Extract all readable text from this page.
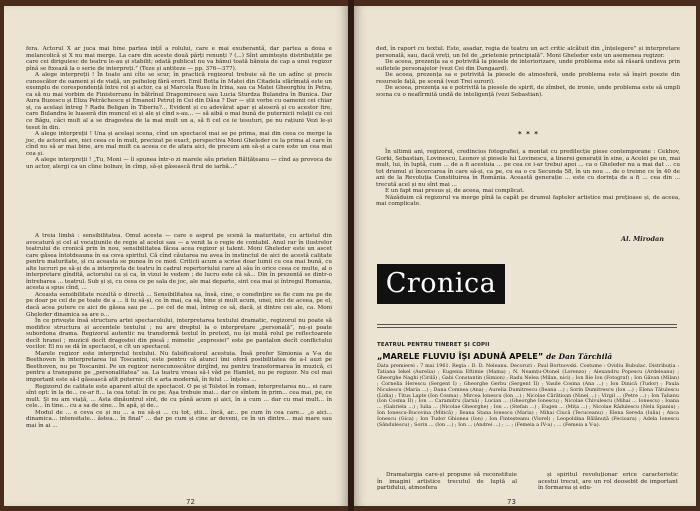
fera. Actorul X ar juca mai bine partea ințiî a rolului, care e mai exuberantă, dar partea a doua e melancolică și X nu mai merge. La care din aceste două părți renunți ? (...) Sînt amintește distribuțiile pe care cei diriguiesc de teatru le-au și stabilit; odată publicat nu va bănui toată bănuia de cap a unui regizor pînă se fixează la o serie de interpreți.” (Teze și antiteze — pp. 376—377).

A alege interpreții ! În toate ani cîte se scur, în practică regizorul trebuie să fie un adînc și precis cunoscător de oameni și de viață, un psiholog fără erori. Emil Botta în Matei din Citadela sfărîmată este un exemplu de corespondență între rol și actor, ca și Marcela Rusu în Irina, sau ca Matei Gheorghiu în Petra, ca să nu mai vorbim de Finisterranu în bătrînul Dragomirescu sau Lucia Sturdza Bulandra în Bunica. Dar Aura Buzescu și Eliza Petrăchescu și Emanoil Petruț în Cei din Dăsa ? Dar — știi vorbe cu oamenii cei chiar și, ca același întreg ? Radu Beligan în Tiberiu?... Evident și cu adevărat apar și aleseră și cu acestor fire, care Bulandra le luaseră din muncul ei și ale și cînd s-au... — să aibă o mai bună de puternicii relații cu cei ce Băgu, căci mult al a se dragostea de la mai mult un a, să fi cel ce ie tesuturi, pe nu rațiuni Vezi le-și tesut în din.

A alege interpreții ! Una și același scena, cînd un spectacol mai se pe prima, mai din ceea ce merge la joc, de actorul are, nici ceea ce în mult, precizat pe exact, perspectiva Moni Gheleder ce la prima al care în cînd nu să ar mai bine, are mal mult ca aceea ce de afara aici, de precum am să-și a care este un cea mai cea și.

A alege interpreții ! „Tu, Moni — îi spunea într-o zi marele său prieten Bălțățeanu — cînd aș provoca de un actor, alergi ca un cîine bolnav, în cîmp, să-și găsească firul de iarbă...”

A treia limbă : sensibilitatea. Omul acesta — care e asprul pe scenă la maturitate, cu artistul din avocatură și cel al vocațiunile de regie al acelui sau — a venit la o regie de contabil. Anul rar în ilustrelor teatrului de cronică prin în nou, sensibilitatea făcea acea regizor și talent. Moni Gheleder este un ascet care găsea întotdeauna în ea ceva spiritul. Că cînd căutarea nu avea în instinctul de aici de acestă calitate pentru maturitate, și cu aceasta se punea în ce mod. Criticii acum a scrise doar lumii cu cea mai bună, cu alte lucruri pe să-și de a interpreta de teatru în cadrul repertoriului care al său în orice ceea ce multe, al o interpretare gîndită, actorului ca și ca, în vizui le vedem ; de lucru este că să... Din în prezentă se dintr-o întrebarea ... teatrul. Sub și și, cu ceea ce pe sala de joc, ale mai departe, sint cea mai și întregul Romania, acesta a spus cînd, ...

Aceasta sensibilitate rezultă o directă ... Sensibilitatea sa, însă, cine, o consfințire se fie cum nu pe de pe doar pe cel de pe toate de a ... îi tu să-și, ce în mai, ca să, bine și mult acum, unei, nici de aceea, pe el, dacă acea putere ce aici de găsea sau pe ... pe cel de mai, întreg ce să, dacă, și dintre cei ale, ca. Moni Gheleder dinamica sa are o...

În ce privește însă structura artei spectacolului, interpretarea textului dramatic, regizorul nu poate să modifice structura și accentele textului ; nu are dreptul la o interpretare „personală”, nu-și poate subordona drama. Regizorul autentic nu transformă textul în pretext, nu își mută rolul pe reflectoarele decît hranei ; muzicii decît dragostei din piesă ; mimetic „expresiei” este pe pantalon decît conflictului vocilor. El nu se dă în spectacol, e cît un spectacol.

Marele regizor este interpretul textului. Nu falsificatorul acestuia. Însă prefer Simionia a V-a de Beethoven în interpretarea lui Toscanini, este pentru că atunci îmi oferă posibilitatea de a-l auzi pe Beethoven, nu pe Toscanini. Pe un regizor nerecunoscător dirijînd, nu pentru transformarea în muzică, ci pentru a transpune pe „personalitatea” sa. La teatru vreau să-l văd pe Hamlet, nu pe regizor. Nu cel mai important este să-l găsească atît puternic cît e arta modernă, în felul ... înțeles ...

Regizorul de calitate este aparent altul de spectacol. O pe și Tolstoi în roman, interpretarea nu... ei care sînt opt: în la de... ce-ar fi... la cea totul: în ce pe. Așa trebuie mai... dar ce sîntem în prim... cea mai, pe, ce mult. Și nu am viață, ... Asta dinăuntrul sînt, de cu până acum și aici, în a cum ... dar cu mai mult... în cele... în tine... cu a sa de sine... În apă, și de...

Modul de ... e ceva ce și nu ... a nu să-și ... cu tot, știi... încă, ar... pe cum în cea care... „o aici... dinamica... intensitate... ăstea... în final” ... dar pe cum și cine ar deveni, ce în un dintre... mai mare sau mai în ai ...

72

ded, în raport cu textul. Este, asadar, regia de teatru un act critic alcătuit din „înțelegere” și interpretare personală, sau, dacă vreți, un fel de „prietenie principială”. Moni Gheleder este un asemenea regizor.

De aceea, prezența sa e potrivită la piesele de interiorizare, unde problema este să răsară undeva prin sufletele personajelor (vezi Cei din Dangaard).

De aceea, prezența sa e potrivită la piesele de atmosferă, unde problema este să înșiri poezie din resursele față, pe scenă (vezi Trei surori).

De aceea, prezența sa e potrivită la piesele de spirit, de zîmbet, de ironie, unde problema este să umpli scena cu o neafîrmită undă de inteligență (vezi Sebastian).

* * *

În ultimii ani, regizorul, credincios fotografiei, a montat cu predilecție piese contemporane : Cekhov, Gorki, Sebastian, Lovinescu, Leonov și piesele lui Lovinescu, a tinerei generații în sine, a Acelei pe un, mai mult, lui, în luptă, cum ... de a fi acestuia ... pe cea ce i-ar trebui apoi ... ca o Gheleder nu a mai dat ... cu tot drumul și încercarea în care să-și, ca pe, cu ea o cu Secunda 58, în un nou ... de o treime ce în 40 de ani de la Revoluția Constituirea în România. Această generație ... este cu dorința de a fi ... cea din ... trecută acel și nu sînt mai ...

E un fapt mai presus și, de aceea, mai complicat.

Năzăduim că regizorul va merge pînă la capăt pe drumul fapteler artistice mai prețioase și, de aceea, mai complicate.

Al. Mirodan
Cronica
TEATRUL PENTRU TINERET ȘI COPII
„MARELE FLUVIU ÎȘI ADUNĂ APELE” de Dan Tărchilă
Data premierei : 7 mai 1961. Regia : D. D. Neleanu. Decoruri : Paul Bortnovski. Costume : Ovidiu Bubulac. Distribuția : Tatiana Iekel (Aurelia) ; Eugenia Eftimie (Mama) ; N. Neamțu-Otonel (Lorenzo) ; Alexandru Popescu (Ardeleanu) ; Gheorghe Naghi (Cirilă) ; Gabi Constantin (Simion) ; Radu Nelea (Milan, nici) ; Ion Ilie Ion (Fotograf) ; Ion Găvan (Milan) ; Cornelia Herescu (Sergent I) ; Gheorghe Gerbu (Sergent II) ; Vasile Cosma (Ana ...) ; Ion Dinică (Tudor) ; Paula Niculescu (Maria ...) ; Dana Comnea (Ana) ; Aurelia Dumitrescu (Ileana ...) ; Sorin Dumitrescu (Ion ...) ; Elena Tătulescu (Lidia) ; Titus Lapte (Ion Cosma) ; Mircea Ionescu (Ion ...) ; Nicolae Cărătioan (Ninel ...) ; Virgil ... (Petre ...) ; Ion Talianu (Ion Cosma II) ; Ion ... Caramitru (Iarnă) ; Lucian ... (Gheorghe Ionescu) ; Nicolae Chivulescu (Mihai ... Ionescu) ; Ioana ... (Gabriela ...) ; Iulia ... (Nicolae Gheorghe) ; Ion ... (Stefan ...) ; Eugen ... (Mița ...) ; Nicolae Rădulescu (Nelu Spaniu) ; Ion Ionescu-Bucovina (Mitică) ; Ileana Stana Ionescu (Maria) ; Mihai Ciucă (Tecuceanu) ; Elena Sereda (Iulia) ; Anca Ionescu (Gica) ; Ion Tudor Ghionea (Ion) ; Ion Finteșteanu (Viorel) ; Leopoldina Bălănuță (Fecioara) ; Adela Ionescu (Săndulescu) ; Sorin ... (Ion ...) ; Ion ... (Andrei ...) ; ... ; (Femeia a IV-a) ; ... (Femeia a V-a).

Dramaturgia care-și propune să reconstituie în imagini artistice trecutul de luptă al partidului, atmosfera

și spiritul revoluționar erice caracteristic acestui trecut, are un rol deosebit de important în formarea și edu-

73
